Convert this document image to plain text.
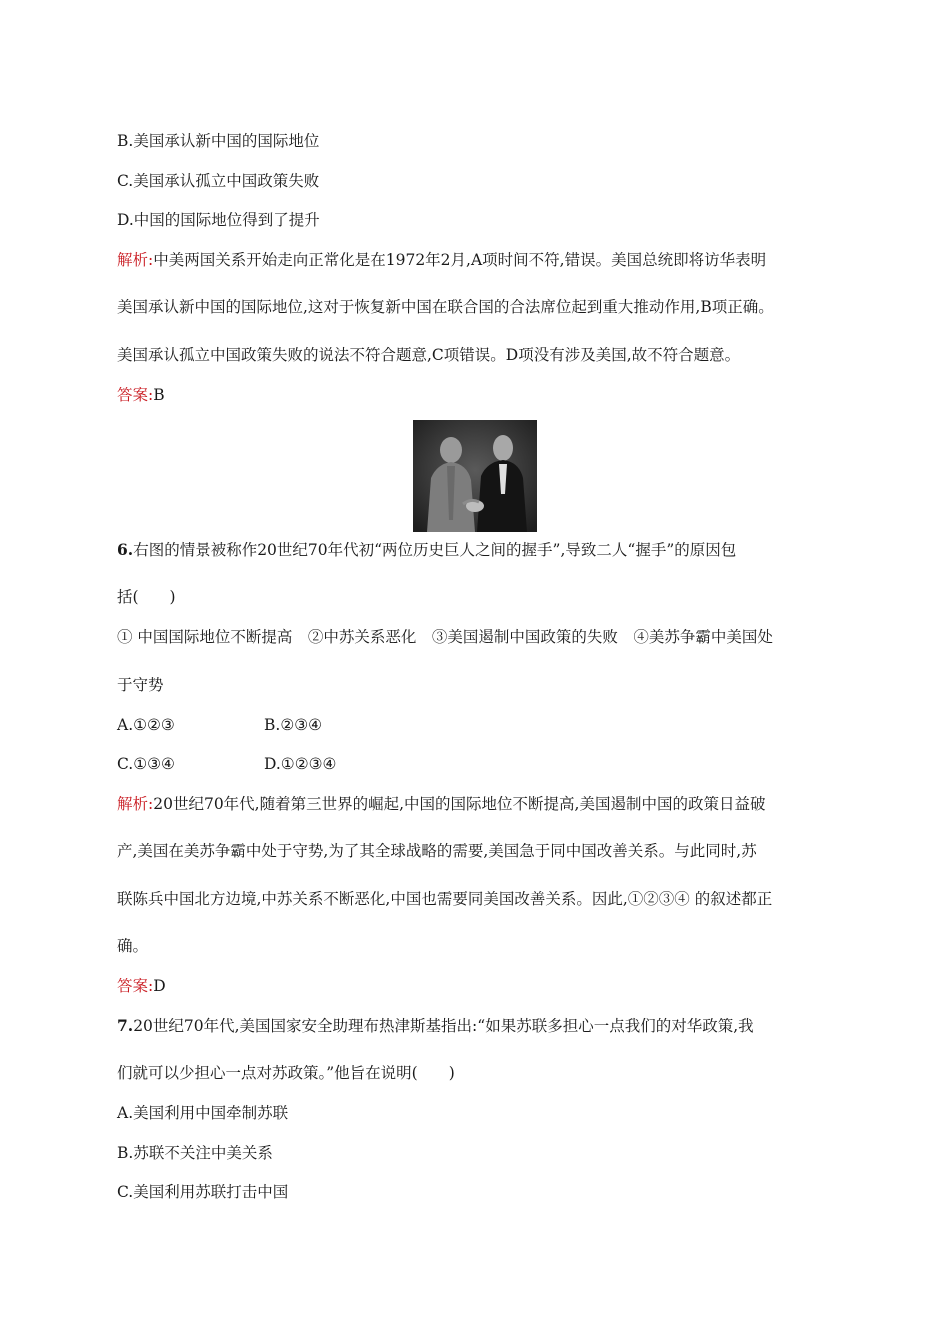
B.美国承认新中国的国际地位
C.美国承认孤立中国政策失败
D.中国的国际地位得到了提升
解析:中美两国关系开始走向正常化是在1972年2月,A项时间不符,错误。美国总统即将访华表明
美国承认新中国的国际地位,这对于恢复新中国在联合国的合法席位起到重大推动作用,B项正确。
美国承认孤立中国政策失败的说法不符合题意,C项错误。D项没有涉及美国,故不符合题意。
答案:B
6.右图的情景被称作20世纪70年代初“两位历史巨人之间的握手”,导致二人“握手”的原因包
括(　　)
① 中国国际地位不断提高　②中苏关系恶化　③美国遏制中国政策的失败　④美苏争霸中美国处
于守势
A.①②③	B.②③④
C.①③④	D.①②③④
解析:20世纪70年代,随着第三世界的崛起,中国的国际地位不断提高,美国遏制中国的政策日益破
产,美国在美苏争霸中处于守势,为了其全球战略的需要,美国急于同中国改善关系。与此同时,苏
联陈兵中国北方边境,中苏关系不断恶化,中国也需要同美国改善关系。因此,①②③④ 的叙述都正
确。
答案:D
7.20世纪70年代,美国国家安全助理布热津斯基指出:“如果苏联多担心一点我们的对华政策,我
们就可以少担心一点对苏政策。”他旨在说明(　　)
A.美国利用中国牵制苏联
B.苏联不关注中美关系
C.美国利用苏联打击中国
